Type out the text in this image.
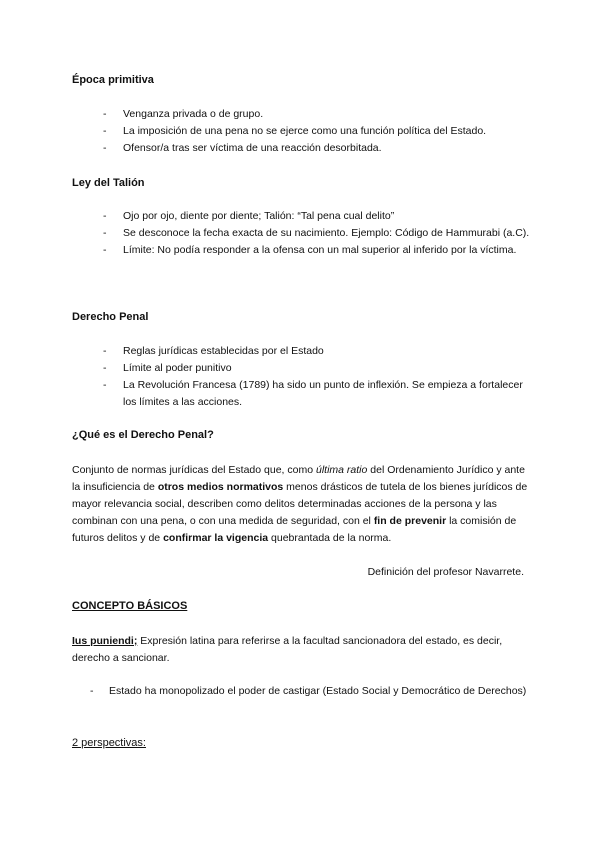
Época primitiva
- Venganza privada o de grupo.
- La imposición de una pena no se ejerce como una función política del Estado.
- Ofensor/a tras ser víctima de una reacción desorbitada.
Ley del Talión
- Ojo por ojo, diente por diente; Talión: “Tal pena cual delito”
- Se desconoce la fecha exacta de su nacimiento. Ejemplo: Código de Hammurabi (a.C).
- Límite: No podía responder a la ofensa con un mal superior al inferido por la víctima.
Derecho Penal
- Reglas jurídicas establecidas por el Estado
- Límite al poder punitivo
- La Revolución Francesa (1789) ha sido un punto de inflexión. Se empieza a fortalecer los límites a las acciones.
¿Qué es el Derecho Penal?

Conjunto de normas jurídicas del Estado que, como última ratio del Ordenamiento Jurídico y ante la insuficiencia de otros medios normativos menos drásticos de tutela de los bienes jurídicos de mayor relevancia social, describen como delitos determinadas acciones de la persona y las combinan con una pena, o con una medida de seguridad, con el fin de prevenir la comisión de futuros delitos y de confirmar la vigencia quebrantada de la norma.

Definición del profesor Navarrete.

CONCEPTO BÁSICOS

Ius puniendi; Expresión latina para referirse a la facultad sancionadora del estado, es decir, derecho a sancionar.

- Estado ha monopolizado el poder de castigar (Estado Social y Democrático de Derechos)
2 perspectivas:
